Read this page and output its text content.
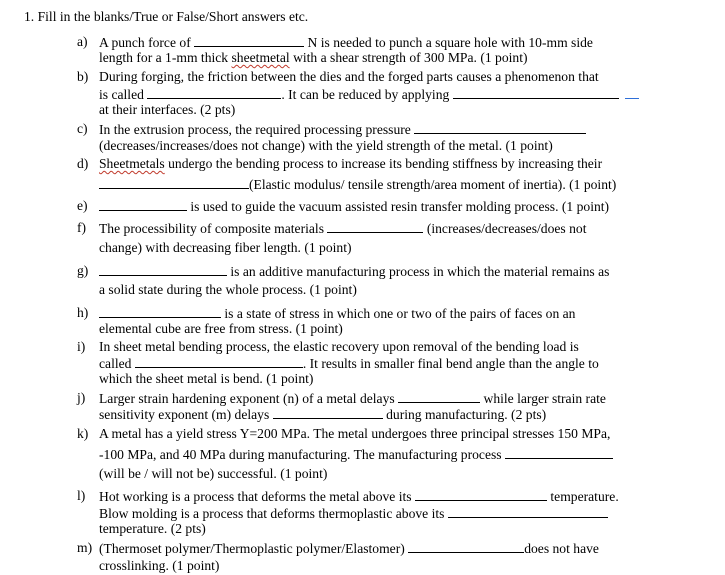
1. Fill in the blanks/True or False/Short answers etc.
a) A punch force of	N is needed to punch a square hole with 10-mm side
length for a 1-mm thick sheetmetal with a shear strength of 300 MPa. (1 point)
b) During forging, the friction between the dies and the forged parts causes a phenomenon that
is called	. It can be reduced by applying
at their interfaces. (2 pts)
c) In the extrusion process, the required processing pressure
(decreases/increases/does not change) with the yield strength of the metal. (1 point)
d) Sheetmetals undergo the bending process to increase its bending stiffness by increasing their
(Elastic modulus/ tensile strength/area moment of inertia). (1 point)
e)	is used to guide the vacuum assisted resin transfer molding process. (1 point)
f) The processibility of composite materials	(increases/decreases/does not
change) with decreasing fiber length. (1 point)
g)	is an additive manufacturing process in which the material remains as
a solid state during the whole process. (1 point)
h)	is a state of stress in which one or two of the pairs of faces on an
elemental cube are free from stress. (1 point)
i) In sheet metal bending process, the elastic recovery upon removal of the bending load is
called	. It results in smaller final bend angle than the angle to
which the sheet metal is bend. (1 point)
j) Larger strain hardening exponent (n) of a metal delays	while larger strain rate
sensitivity exponent (m) delays	during manufacturing. (2 pts)
k) A metal has a yield stress Y=200 MPa. The metal undergoes three principal stresses 150 MPa,
-100 MPa, and 40 MPa during manufacturing. The manufacturing process
(will be / will not be) successful. (1 point)
l) Hot working is a process that deforms the metal above its	temperature.
Blow molding is a process that deforms thermoplastic above its
temperature. (2 pts)
m) (Thermoset polymer/Thermoplastic polymer/Elastomer)	does not have
crosslinking. (1 point)
